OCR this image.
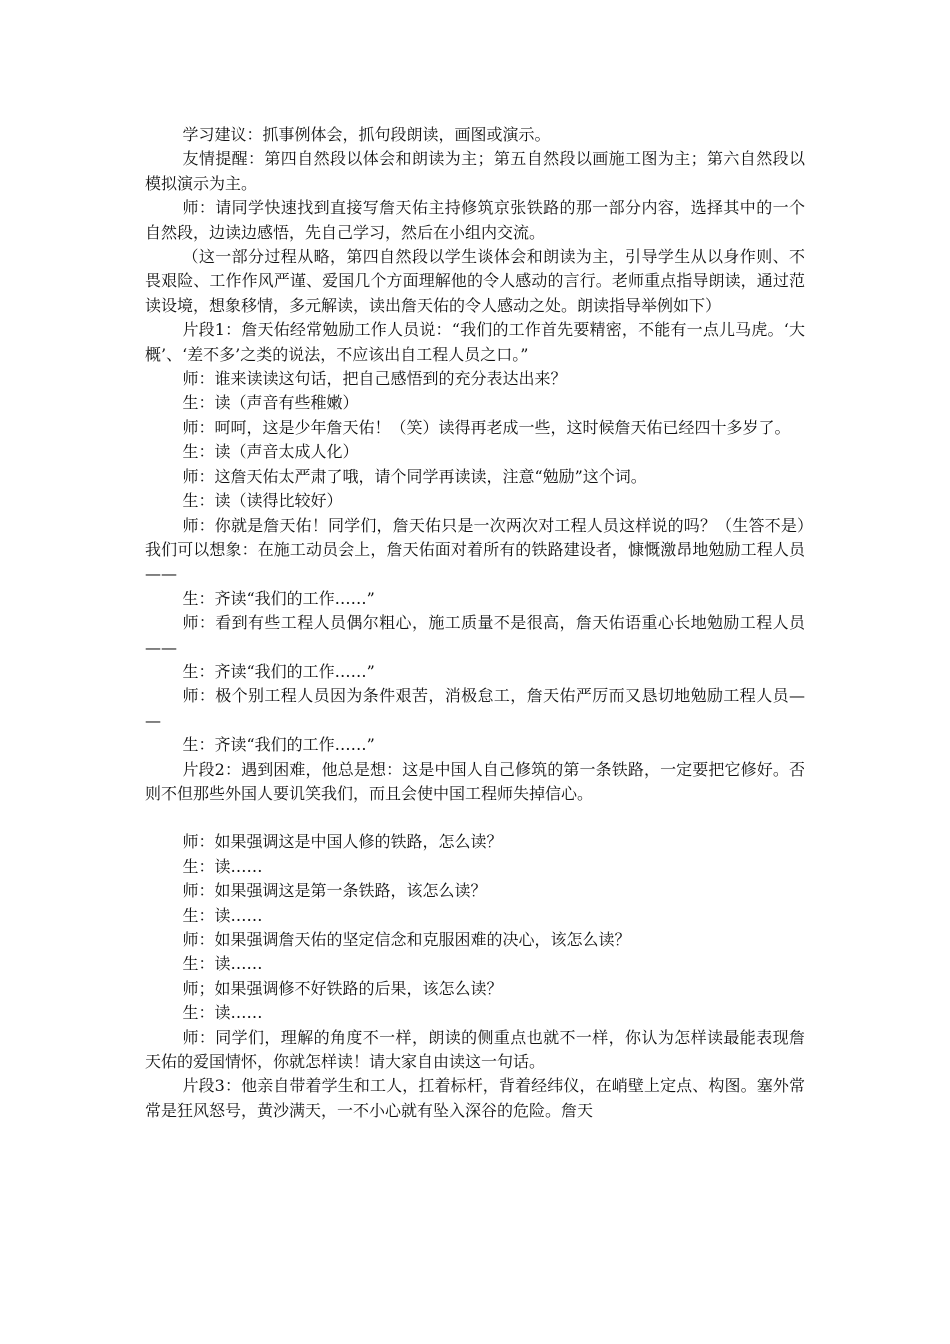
学习建议：抓事例体会，抓句段朗读，画图或演示。

友情提醒：第四自然段以体会和朗读为主；第五自然段以画施工图为主；第六自然段以模拟演示为主。

师：请同学快速找到直接写詹天佑主持修筑京张铁路的那一部分内容，选择其中的一个自然段，边读边感悟，先自己学习，然后在小组内交流。

（这一部分过程从略，第四自然段以学生谈体会和朗读为主，引导学生从以身作则、不畏艰险、工作作风严谨、爱国几个方面理解他的令人感动的言行。老师重点指导朗读，通过范读设境，想象移情，多元解读，读出詹天佑的令人感动之处。朗读指导举例如下）

片段1：詹天佑经常勉励工作人员说：“我们的工作首先要精密，不能有一点儿马虎。‘大概’、‘差不多’之类的说法，不应该出自工程人员之口。”

师：谁来读读这句话，把自己感悟到的充分表达出来？

生：读（声音有些稚嫩）

师：呵呵，这是少年詹天佑！（笑）读得再老成一些，这时候詹天佑已经四十多岁了。

生：读（声音太成人化）

师：这詹天佑太严肃了哦，请个同学再读读，注意“勉励”这个词。

生：读（读得比较好）

师：你就是詹天佑！同学们，詹天佑只是一次两次对工程人员这样说的吗？（生答不是）我们可以想象：在施工动员会上，詹天佑面对着所有的铁路建设者，慷慨激昂地勉励工程人员——

生：齐读“我们的工作……”

师：看到有些工程人员偶尔粗心，施工质量不是很高，詹天佑语重心长地勉励工程人员——

生：齐读“我们的工作……”

师：极个别工程人员因为条件艰苦，消极怠工，詹天佑严厉而又恳切地勉励工程人员——

生：齐读“我们的工作……”

片段2：遇到困难，他总是想：这是中国人自己修筑的第一条铁路，一定要把它修好。否则不但那些外国人要讥笑我们，而且会使中国工程师失掉信心。

师：如果强调这是中国人修的铁路，怎么读？

生：读……

师：如果强调这是第一条铁路，该怎么读？

生：读……

师：如果强调詹天佑的坚定信念和克服困难的决心，该怎么读？

生：读……

师；如果强调修不好铁路的后果，该怎么读？

生：读……

师：同学们，理解的角度不一样，朗读的侧重点也就不一样，你认为怎样读最能表现詹天佑的爱国情怀，你就怎样读！请大家自由读这一句话。

片段3：他亲自带着学生和工人，扛着标杆，背着经纬仪，在峭壁上定点、构图。塞外常常是狂风怒号，黄沙满天，一不小心就有坠入深谷的危险。詹天
